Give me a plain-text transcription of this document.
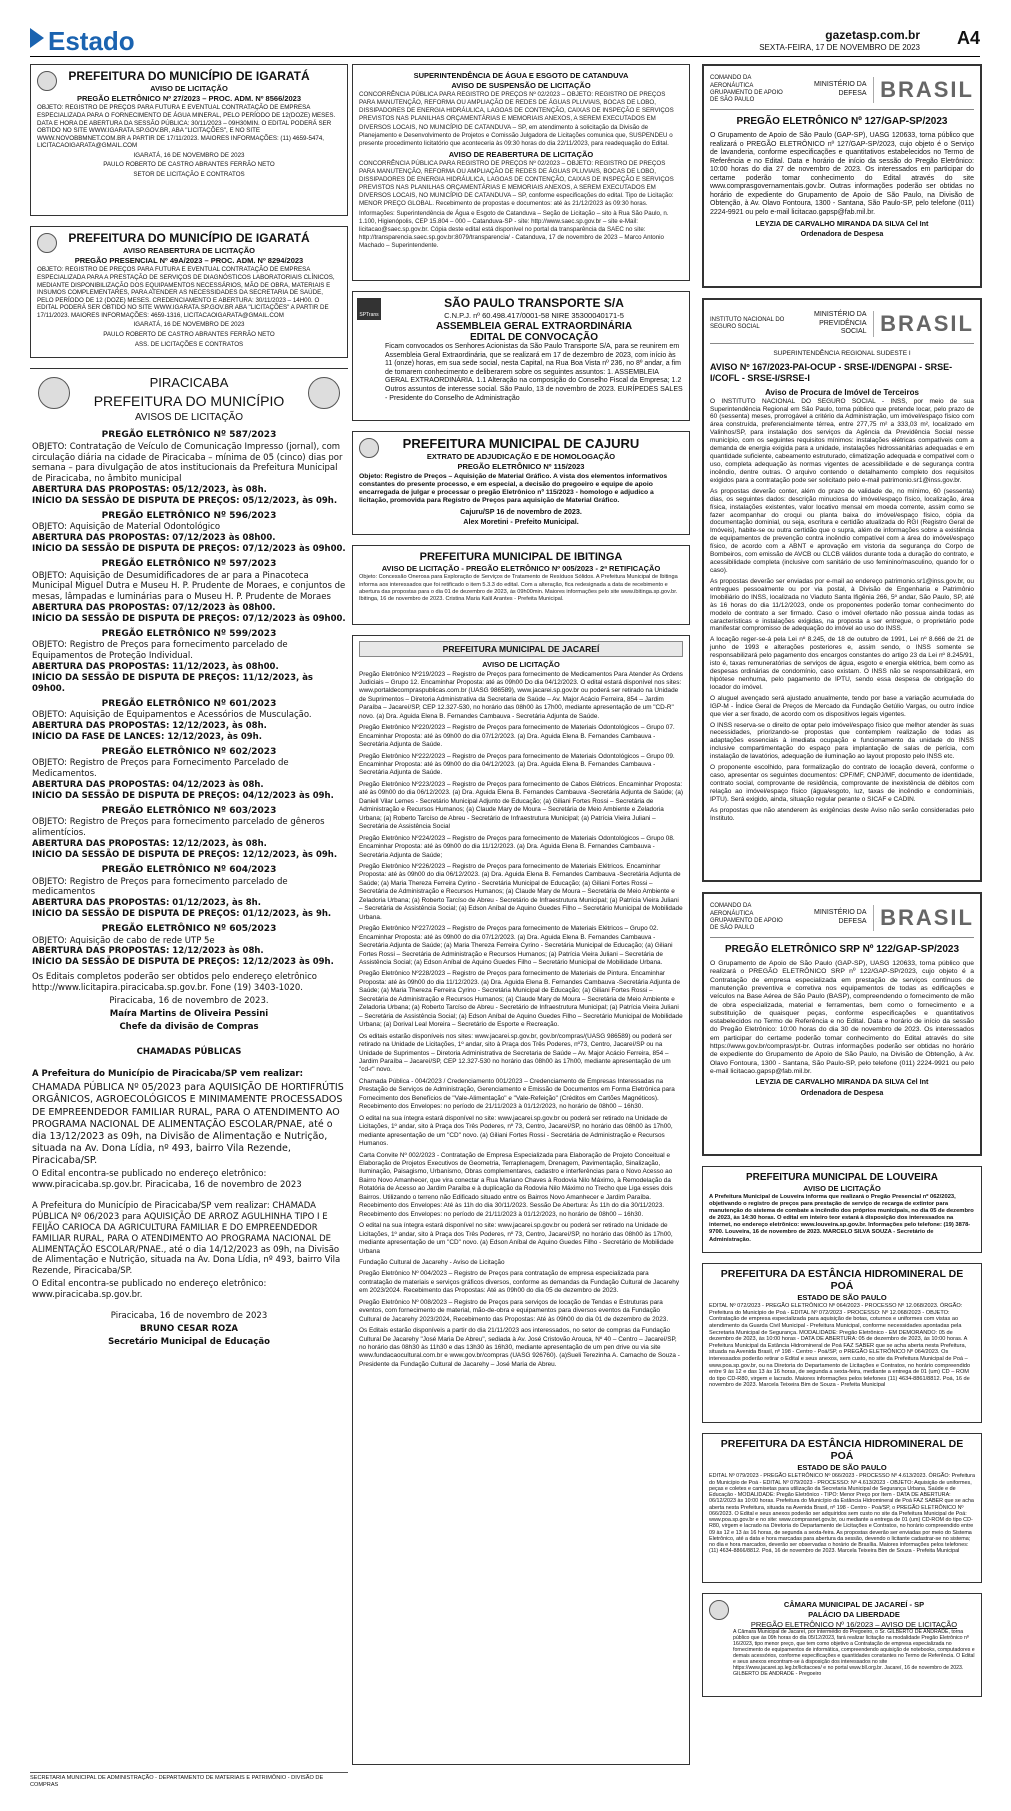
Estado	gazetasp.com.br
SEXTA-FEIRA, 17 DE NOVEMBRO DE 2023 A4
PREFEITURA DO MUNICÍPIO DE IGARATÁ
AVISO DE LICITAÇÃO
PREGÃO ELETRÔNICO Nº 27/2023 – PROC. ADM. Nº 8566/2023

OBJETO: REGISTRO DE PREÇOS PARA FUTURA E EVENTUAL CONTRATAÇÃO DE EMPRESA ESPECIALIZADA PARA O FORNECIMENTO DE ÁGUA MINERAL, PELO PERÍODO DE 12(DOZE) MESES. DATA E HORA DE ABERTURA DA SESSÃO PÚBLICA: 30/11/2023 – 09H30MIN. O EDITAL PODERÁ SER OBTIDO NO SITE WWW.IGARATA.SP.GOV.BR, ABA "LICITAÇÕES", E NO SITE WWW.NOVOBBMNET.COM.BR A PARTIR DE 17/11/2023. MAIORES INFORMAÇÕES: (11) 4659-5474, LICITACAOIGARATA@GMAIL.COM

IGARATÁ, 16 DE NOVEMBRO DE 2023

PAULO ROBERTO DE CASTRO ABRANTES FERRÃO NETO

SETOR DE LICITAÇÃO E CONTRATOS

PREFEITURA DO MUNICÍPIO DE IGARATÁ
AVISO REABERTURA DE LICITAÇÃO
PREGÃO PRESENCIAL Nº 49A/2023 – PROC. ADM. Nº 8294/2023

OBJETO: REGISTRO DE PREÇOS PARA FUTURA E EVENTUAL CONTRATAÇÃO DE EMPRESA ESPECIALIZADA PARA A PRESTAÇÃO DE SERVIÇOS DE DIAGNÓSTICOS LABORATORIAIS CLÍNICOS, MEDIANTE DISPONIBILIZAÇÃO DOS EQUIPAMENTOS NECESSÁRIOS, MÃO DE OBRA, MATERIAIS E INSUMOS COMPLEMENTARES, PARA ATENDER AS NECESSIDADES DA SECRETARIA DE SAÚDE, PELO PERÍODO DE 12 (DOZE) MESES. CREDENCIAMENTO E ABERTURA: 30/11/2023 – 14H00. O EDITAL PODERÁ SER OBTIDO NO SITE WWW.IGARATA.SP.GOV.BR ABA "LICITAÇÕES" A PARTIR DE 17/11/2023. MAIORES INFORMAÇÕES: 4659-1316, LICITACAOIGARATA@GMAIL.COM

IGARATÁ, 16 DE NOVEMBRO DE 2023

PAULO ROBERTO DE CASTRO ABRANTES FERRÃO NETO

ASS. DE LICITAÇÕES E CONTRATOS

PIRACICABA

PREFEITURA DO MUNICÍPIO

AVISOS DE LICITAÇÃO

PREGÃO ELETRÔNICO Nº 587/2023
OBJETO: Contratação de Veículo de Comunicação Impresso (jornal), com circulação diária na cidade de Piracicaba – mínima de 05 (cinco) dias por semana – para divulgação de atos institucionais da Prefeitura Municipal de Piracicaba, no âmbito municipal
ABERTURA DAS PROPOSTAS: 05/12/2023, às 08h.
INÍCIO DA SESSÃO DE DISPUTA DE PREÇOS: 05/12/2023, às 09h.
PREGÃO ELETRÔNICO Nº 596/2023
OBJETO: Aquisição de Material Odontológico
ABERTURA DAS PROPOSTAS: 07/12/2023 às 08h00.
INÍCIO DA SESSÃO DE DISPUTA DE PREÇOS: 07/12/2023 às 09h00.
PREGÃO ELETRÔNICO Nº 597/2023
OBJETO: Aquisição de Desumidificadores de ar para a Pinacoteca Municipal Miguel Dutra e Museu H. P. Prudente de Moraes, e conjuntos de mesas, lâmpadas e luminárias para o Museu H. P. Prudente de Moraes
ABERTURA DAS PROPOSTAS: 07/12/2023 às 08h00.
INÍCIO DA SESSÃO DE DISPUTA DE PREÇOS: 07/12/2023 às 09h00.
PREGÃO ELETRÔNICO Nº 599/2023
OBJETO: Registro de Preços para fornecimento parcelado de Equipamentos de Proteção Individual.
ABERTURA DAS PROPOSTAS: 11/12/2023, às 08h00.
INÍCIO DA SESSÃO DE DISPUTA DE PREÇOS: 11/12/2023, às 09h00.
PREGÃO ELETRÔNICO Nº 601/2023
OBJETO: Aquisição de Equipamentos e Acessórios de Musculação.
ABERTURA DAS PROPOSTAS: 12/12/2023, às 08h.
INÍCIO DA FASE DE LANCES: 12/12/2023, às 09h.
PREGÃO ELETRÔNICO Nº 602/2023
OBJETO: Registro de Preços para Fornecimento Parcelado de Medicamentos.
ABERTURA DAS PROPOSTAS: 04/12/2023 às 08h.
INÍCIO DA SESSÃO DE DISPUTA DE PREÇOS: 04/12/2023 às 09h.
PREGÃO ELETRÔNICO Nº 603/2023
OBJETO: Registro de Preços para fornecimento parcelado de gêneros alimentícios.
ABERTURA DAS PROPOSTAS: 12/12/2023, às 08h.
INÍCIO DA SESSÃO DE DISPUTA DE PREÇOS: 12/12/2023, às 09h.
PREGÃO ELETRÔNICO Nº 604/2023
OBJETO: Registro de Preços para fornecimento parcelado de medicamentos
ABERTURA DAS PROPOSTAS: 01/12/2023, às 8h.
INÍCIO DA SESSÃO DE DISPUTA DE PREÇOS: 01/12/2023, às 9h.
PREGÃO ELETRÔNICO Nº 605/2023
OBJETO: Aquisição de cabo de rede UTP 5e
ABERTURA DAS PROPOSTAS: 12/12/2023 às 08h.
INÍCIO DA SESSÃO DE DISPUTA DE PREÇOS: 12/12/2023 às 09h.

Os Editais completos poderão ser obtidos pelo endereço eletrônico http://www.licitapira.piracicaba.sp.gov.br. Fone (19) 3403-1020.

Piracicaba, 16 de novembro de 2023.

Maíra Martins de Oliveira Pessini

Chefe da divisão de Compras

CHAMADAS PÚBLICAS

A Prefeitura do Município de Piracicaba/SP vem realizar:

CHAMADA PÚBLICA Nº 05/2023 para AQUISIÇÃO DE HORTIFRÚTIS ORGÂNICOS, AGROECOLÓGICOS E MINIMAMENTE PROCESSADOS DE EMPREENDEDOR FAMILIAR RURAL, PARA O ATENDIMENTO AO PROGRAMA NACIONAL DE ALIMENTAÇÃO ESCOLAR/PNAE, até o dia 13/12/2023 as 09h, na Divisão de Alimentação e Nutrição, situada na Av. Dona Lídia, nº 493, bairro Vila Rezende, Piracicaba/SP.

O Edital encontra-se publicado no endereço eletrônico: www.piracicaba.sp.gov.br. Piracicaba, 16 de novembro de 2023

A Prefeitura do Município de Piracicaba/SP vem realizar: CHAMADA PÚBLICA Nº 06/2023 para AQUISIÇÃO DE ARROZ AGULHINHA TIPO I E FEIJÃO CARIOCA DA AGRICULTURA FAMILIAR E DO EMPREENDEDOR FAMILIAR RURAL, PARA O ATENDIMENTO AO PROGRAMA NACIONAL DE ALIMENTAÇÃO ESCOLAR/PNAE., até o dia 14/12/2023 as 09h, na Divisão de Alimentação e Nutrição, situada na Av. Dona Lídia, nº 493, bairro Vila Rezende, Piracicaba/SP.

O Edital encontra-se publicado no endereço eletrônico: www.piracicaba.sp.gov.br.

Piracicaba, 16 de novembro de 2023

BRUNO CESAR ROZA

Secretário Municipal de Educação

SECRETARIA MUNICIPAL DE ADMINISTRAÇÃO - DEPARTAMENTO DE MATERIAIS E PATRIMÔNIO - DIVISÃO DE COMPRAS
SUPERINTENDÊNCIA DE ÁGUA E ESGOTO DE CATANDUVA
AVISO DE SUSPENSÃO DE LICITAÇÃO

CONCORRÊNCIA PÚBLICA PARA REGISTRO DE PREÇOS Nº 02/2023 – OBJETO: REGISTRO DE PREÇOS PARA MANUTENÇÃO, REFORMA OU AMPLIAÇÃO DE REDES DE ÁGUAS PLUVIAIS, BOCAS DE LOBO, DISSIPADORES DE ENERGIA HIDRÁULICA, LAGOAS DE CONTENÇÃO, CAIXAS DE INSPEÇÃO E SERVIÇOS PREVISTOS NAS PLANILHAS ORÇAMENTÁRIAS E MEMORIAIS ANEXOS, A SEREM EXECUTADOS EM DIVERSOS LOCAIS, NO MUNICÍPIO DE CATANDUVA – SP, em atendimento à solicitação da Divisão de Planejamento e Desenvolvimento de Projetos e Comissão Julgadora de Licitações comunica que, SUSPENDEU o presente procedimento licitatório que aconteceria às 09:30 horas do dia 22/11/2023, para readequação do Edital.

AVISO DE REABERTURA DE LICITAÇÃO

CONCORRÊNCIA PÚBLICA PARA REGISTRO DE PREÇOS Nº 02/2023 – OBJETO: REGISTRO DE PREÇOS PARA MANUTENÇÃO, REFORMA OU AMPLIAÇÃO DE REDES DE ÁGUAS PLUVIAIS, BOCAS DE LOBO, DISSIPADORES DE ENERGIA HIDRÁULICA, LAGOAS DE CONTENÇÃO, CAIXAS DE INSPEÇÃO E SERVIÇOS PREVISTOS NAS PLANILHAS ORÇAMENTÁRIAS E MEMORIAIS ANEXOS, A SEREM EXECUTADOS EM DIVERSOS LOCAIS, NO MUNICÍPIO DE CATANDUVA – SP, conforme especificações do edital. Tipo de Licitação: MENOR PREÇO GLOBAL. Recebimento de propostas e documentos: até às 21/12/2023 às 09:30 horas.

Informações: Superintendência de Água e Esgoto de Catanduva – Seção de Licitação – sito à Rua São Paulo, n. 1.100, Higienópolis, CEP 15.804 – 000 – Catanduva-SP - site: http://www.saec.sp.gov.br – site e-Mail: licitacao@saec.sp.gov.br. Cópia deste edital está disponível no portal da transparência da SAEC no site: http://transparencia.saec.sp.gov.br:8079/transparencia/ - Catanduva, 17 de novembro de 2023 – Marco Antonio Machado – Superintendente.

SPTrans
SÃO PAULO TRANSPORTE S/A
C.N.P.J. nº 60.498.417/0001-58 NIRE 35300040171-5
ASSEMBLEIA GERAL EXTRAORDINÁRIA
EDITAL DE CONVOCAÇÃO

Ficam convocados os Senhores Acionistas da São Paulo Transporte S/A, para se reunirem em Assembleia Geral Extraordinária, que se realizará em 17 de dezembro de 2023, com início às 11 (onze) horas, em sua sede social, nesta Capital, na Rua Boa Vista nº 236, no 8º andar, a fim de tomarem conhecimento e deliberarem sobre os seguintes assuntos: 1. ASSEMBLEIA GERAL EXTRAORDINÁRIA. 1.1 Alteração na composição do Conselho Fiscal da Empresa; 1.2 Outros assuntos de interesse social. São Paulo, 13 de novembro de 2023. EURÍPEDES SALES - Presidente do Conselho de Administração

PREFEITURA MUNICIPAL DE CAJURU
EXTRATO DE ADJUDICAÇÃO E DE HOMOLOGAÇÃO
PREGÃO ELETRÔNICO Nº 115/2023

Objeto: Registro de Preços – Aquisição de Material Gráfico. A vista dos elementos informativos constantes do presente processo, e em especial, a decisão do pregoeiro e equipe de apoio encarregada de julgar e processar o pregão Eletrônico nº 115/2023 - homologo e adjudico a licitação, promovida para Registro de Preços para aquisição de Material Gráfico.

Cajuru/SP 16 de novembro de 2023.

Alex Moretini - Prefeito Municipal.

PREFEITURA MUNICIPAL DE IBITINGA
AVISO DE LICITAÇÃO - PREGÃO ELETRÔNICO Nº 005/2023 - 2ª RETIFICAÇÃO

Objeto: Concessão Onerosa para Exploração de Serviços de Tratamento de Resíduos Sólidos. A Prefeitura Municipal de Ibitinga informa aos interessados que foi retificado o item 5.3.3 do edital. Com a alteração, fica redesignada a data de recebimento e abertura das propostas para o dia 01 de dezembro de 2023, às 09h00min. Maiores informações pelo site www.ibitinga.sp.gov.br. Ibitinga, 16 de novembro de 2023. Cristina Maria Kalil Arantes - Prefeita Municipal.

PREFEITURA MUNICIPAL DE JACAREÍ
AVISO DE LICITAÇÃO

Pregão Eletrônico Nº219/2023 – Registro de Preços para fornecimento de Medicamentos Para Atender As Ordens Judiciais – Grupo 12. Encaminhar Proposta: até as 09h00 Do dia 04/12/2023. O edital estará disponível nos sites: www.portaldecompraspublicas.com.br (UASG 986589), www.jacarei.sp.gov.br ou poderá ser retirado na Unidade de Suprimentos – Diretoria Administrativa da Secretaria de Saúde – Av. Major Acácio Ferreira, 854 – Jardim Paraíba – Jacareí/SP, CEP 12.327-530, no horário das 08h00 às 17h00, mediante apresentação de um "CD-R" novo. (a) Dra. Aguida Elena B. Fernandes Cambauva - Secretária Adjunta de Saúde.

Pregão Eletrônico Nº220/2023 – Registro de Preços para fornecimento de Materiais Odontológicos – Grupo 07. Encaminhar Proposta: até às 09h00 do dia 07/12/2023. (a) Dra. Aguida Elena B. Fernandes Cambauva -Secretária Adjunta de Saúde.

Pregão Eletrônico Nº222/2023 – Registro de Preços para fornecimento de Materiais Odontológicos – Grupo 09. Encaminhar Proposta: até às 09h00 do dia 04/12/2023. (a) Dra. Aguida Elena B. Fernandes Cambauva -Secretária Adjunta de Saúde.

Pregão Eletrônico Nº223/2023 – Registro de Preços para fornecimento de Cabos Elétricos. Encaminhar Proposta: até às 09h00 do dia 06/12/2023. (a) Dra. Aguida Elena B. Fernandes Cambauva -Secretária Adjunta de Saúde; (a) Daniell Vilar Lemes - Secretário Municipal Adjunto de Educação; (a) Giliani Fortes Rossi – Secretária de Administração e Recursos Humanos; (a) Claude Mary de Moura – Secretária de Meio Ambiente e Zeladoria Urbana; (a) Roberto Tarcíso de Abreu - Secretário de Infraestrutura Municipal; (a) Patrícia Vieira Juliani – Secretária de Assistência Social

Pregão Eletrônico Nº224/2023 – Registro de Preços para fornecimento de Materiais Odontológicos – Grupo 08. Encaminhar Proposta: até às 09h00 do dia 11/12/2023. (a) Dra. Aguida Elena B. Fernandes Cambauva -Secretária Adjunta de Saúde;

Pregão Eletrônico Nº226/2023 – Registro de Preços para fornecimento de Materiais Elétricos. Encaminhar Proposta: até às 09h00 do dia 06/12/2023. (a) Dra. Aguida Elena B. Fernandes Cambauva -Secretária Adjunta de Saúde; (a) Maria Thereza Ferreira Cyrino - Secretária Municipal de Educação; (a) Giliani Fortes Rossi – Secretária de Administração e Recursos Humanos; (a) Claude Mary de Moura – Secretária de Meio Ambiente e Zeladoria Urbana; (a) Roberto Tarcíso de Abreu - Secretário de Infraestrutura Municipal; (a) Patrícia Vieira Juliani – Secretária de Assistência Social; (a) Edson Aníbal de Aquino Guedes Filho – Secretário Municipal de Mobilidade Urbana.

Pregão Eletrônico Nº227/2023 – Registro de Preços para fornecimento de Materiais Elétricos – Grupo 02. Encaminhar Proposta: até às 09h00 do dia 07/12/2023. (a) Dra. Aguida Elena B. Fernandes Cambauva -Secretária Adjunta de Saúde; (a) Maria Thereza Ferreira Cyrino - Secretária Municipal de Educação; (a) Giliani Fortes Rossi – Secretária de Administração e Recursos Humanos; (a) Patrícia Vieira Juliani – Secretária de Assistência Social; (a) Edson Aníbal de Aquino Guedes Filho – Secretário Municipal de Mobilidade Urbana.

Pregão Eletrônico Nº228/2023 – Registro de Preços para fornecimento de Materiais de Pintura. Encaminhar Proposta: até às 09h00 do dia 11/12/2023. (a) Dra. Aguida Elena B. Fernandes Cambauva -Secretária Adjunta de Saúde; (a) Maria Thereza Ferreira Cyrino - Secretária Municipal de Educação; (a) Giliani Fortes Rossi – Secretária de Administração e Recursos Humanos; (a) Claude Mary de Moura – Secretária de Meio Ambiente e Zeladoria Urbana; (a) Roberto Tarcíso de Abreu - Secretário de Infraestrutura Municipal; (a) Patrícia Vieira Juliani – Secretária de Assistência Social; (a) Edson Aníbal de Aquino Guedes Filho – Secretário Municipal de Mobilidade Urbana; (a) Dorival Leal Moreira – Secretário de Esporte e Recreação.

Os editais estarão disponíveis nos sites: www.jacarei.sp.gov.br, gov.br/compras/(UASG 986589) ou poderá ser retirado na Unidade de Licitações, 1º andar, sito à Praça dos Três Poderes, nº73, Centro, Jacareí/SP ou na Unidade de Suprimentos – Diretoria Administrativa de Secretaria de Saúde – Av. Major Acácio Ferreira, 854 – Jardim Paraíba – Jacareí/SP, CEP 12.327-530 no horário das 08h00 às 17h00, mediante apresentação de um "cd-r" novo.

Chamada Pública - 004/2023 / Credenciamento 001/2023 – Credenciamento de Empresas Interessadas na Prestação de Serviços de Administração, Gerenciamento e Emissão de Documentos em Forma Eletrônica para Fornecimento dos Benefícios de "Vale-Alimentação" e "Vale-Refeição" (Créditos em Cartões Magnéticos). Recebimento dos Envelopes: no período de 21/11/2023 à 01/12/2023, no horário de 08h00 – 16h30.

O edital na sua íntegra estará disponível no site: www.jacarei.sp.gov.br ou poderá ser retirado na Unidade de Licitações, 1º andar, sito à Praça dos Três Poderes, nº 73, Centro, Jacareí/SP, no horário das 08h00 às 17h00, mediante apresentação de um "CD" novo. (a) Giliani Fortes Rossi - Secretária de Administração e Recursos Humanos.

Carta Convite Nº 002/2023 - Contratação de Empresa Especializada para Elaboração de Projeto Conceitual e Elaboração de Projetos Executivos de Geometria, Terraplenagem, Drenagem, Pavimentação, Sinalização, Iluminação, Paisagismo, Urbanismo, Obras complementares, cadastro e interferências para o Novo Acesso ao Bairro Novo Amanhecer, que vira conectar a Rua Mariano Chaves à Rodovia Nilo Máximo, à Remodelação da Rotatória de Acesso ao Jardim Paraíba e à duplicação da Rodovia Nilo Máximo no Trecho que Liga esses dois Bairros. Utilizando o terreno não Edificado situado entre os Bairros Novo Amanhecer e Jardim Paraíba. Recebimento dos Envelopes: Até às 11h do dia 30/11/2023. Sessão De Abertura: Às 11h do dia 30/11/2023. Recebimento dos Envelopes: no período de 21/11/2023 à 01/12/2023, no horário de 08h00 – 16h30.

O edital na sua íntegra estará disponível no site: www.jacarei.sp.gov.br ou poderá ser retirado na Unidade de Licitações, 1º andar, sito à Praça dos Três Poderes, nº 73, Centro, Jacareí/SP, no horário das 08h00 às 17h00, mediante apresentação de um "CD" novo. (a) Edson Aníbal de Aquino Guedes Filho - Secretário de Mobilidade Urbana

Fundação Cultural de Jacarehy - Aviso de Licitação

Pregão Eletrônico Nº 004/2023 – Registro de Preços para contratação de empresa especializada para contratação de materiais e serviços gráficos diversos, conforme as demandas da Fundação Cultural de Jacarehy em 2023/2024. Recebimento das Propostas: Até as 09h00 do dia 05 de dezembro de 2023.

Pregão Eletrônico Nº 008/2023 – Registro de Preços para serviços de locação de Tendas e Estruturas para eventos, com fornecimento de material, mão-de-obra e equipamentos para diversos eventos da Fundação Cultural de Jacarehy 2023/2024, Recebimento das Propostas: Até às 09h00 do dia 01 de dezembro de 2023.

Os Editais estarão disponíveis a partir do dia 21/11/2023 aos interessados, no setor de compras da Fundação Cultural De Jacarehy "José Maria De Abreu", sediada à Av. José Cristovão Arouca, Nº 40 – Centro – Jacareí/SP, no horário das 08h30 às 11h30 e das 13h30 às 16h30, mediante apresentação de um pen drive ou via site www.fundacaocultural.com.br e www.gov.br/compras (UASG 926760). (a)Sueli Terezinha A. Camacho de Souza - Presidente da Fundação Cultural de Jacarehy – José Maria de Abreu.

COMANDO DA AERONÁUTICA GRUPAMENTO DE APOIO DE SÃO PAULO
MINISTÉRIO DA DEFESA BRASIL
PREGÃO ELETRÔNICO Nº 127/GAP-SP/2023

O Grupamento de Apoio de São Paulo (GAP-SP), UASG 120633, torna público que realizará o PREGÃO ELETRÔNICO nº 127/GAP-SP/2023, cujo objeto é o Serviço de lavanderia, conforme especificações e quantitativos estabelecidos no Termo de Referência e no Edital. Data e horário de início da sessão do Pregão Eletrônico: 10:00 horas do dia 27 de novembro de 2023. Os interessados em participar do certame poderão tomar conhecimento do Edital através do site www.comprasgovernamentais.gov.br. Outras informações poderão ser obtidas no horário de expediente do Grupamento de Apoio de São Paulo, na Divisão de Obtenção, à Av. Olavo Fontoura, 1300 - Santana, São Paulo-SP, pelo telefone (011) 2224-9921 ou pelo e-mail licitacao.gapsp@fab.mil.br.

LEYZIA DE CARVALHO MIRANDA DA SILVA Cel Int

Ordenadora de Despesa

INSTITUTO NACIONAL DO SEGURO SOCIAL
MINISTÉRIO DA PREVIDÊNCIA SOCIAL BRASIL
SUPERINTENDÊNCIA REGIONAL SUDESTE I
AVISO Nº 167/2023-PAI-OCUP - SRSE-I/DENGPAI - SRSE-I/COFL - SRSE-I/SRSE-I
Aviso de Procura de Imóvel de Terceiros

O INSTITUTO NACIONAL DO SEGURO SOCIAL - INSS, por meio de sua Superintendência Regional em São Paulo, torna público que pretende locar, pelo prazo de 60 (sessenta) meses, prorrogável a critério da Administração, um imóvel/espaço físico com área construída, preferencialmente térrea, entre 277,75 m² a 333,03 m², localizado em Valinhos/SP, para instalação dos serviços da Agência da Previdência Social nesse município, com os seguintes requisitos mínimos: instalações elétricas compatíveis com a demanda de energia exigida para a unidade, instalações hidrossanitárias adequadas e em quantidade suficiente, cabeamento estruturado, climatização adequada e compatível com o uso, completa adequação às normas vigentes de acessibilidade e de segurança contra incêndio, dentre outras. O arquivo contendo o detalhamento completo dos requisitos exigidos para a contratação pode ser solicitado pelo e-mail patrimonio.sr1@inss.gov.br.

As propostas deverão conter, além do prazo de validade de, no mínimo, 60 (sessenta) dias, os seguintes dados: descrição minuciosa do imóvel/espaço físico, localização, área física, instalações existentes, valor locativo mensal em moeda corrente, assim como se fazer acompanhar do croqui ou planta baixa do imóvel/espaço físico, cópia da documentação dominial, ou seja, escritura e certidão atualizada do RGI (Registro Geral de Imóveis), habite-se ou outra certidão que o supra, além de informações sobre a existência de equipamentos de prevenção contra incêndio compatível com a área do imóvel/espaço físico, de acordo com a ABNT e aprovação em vistoria da segurança do Corpo de Bombeiros, com emissão de AVCB ou CLCB válidos durante toda a duração do contrato, e acessibilidade completa (inclusive com sanitário de uso feminino/masculino, quando for o caso).

As propostas deverão ser enviadas por e-mail ao endereço patrimonio.sr1@inss.gov.br, ou entregues pessoalmente ou por via postal, à Divisão de Engenharia e Patrimônio Imobiliário do INSS, localizada no Viaduto Santa Ifigênia 266, 5º andar, São Paulo, SP, até às 16 horas do dia 11/12/2023, onde os proponentes poderão tomar conhecimento do modelo de contrato a ser firmado. Caso o imóvel ofertado não possua ainda todas as características e instalações exigidas, na proposta a ser entregue, o proprietário pode manifestar compromisso de adequação do imóvel ao uso do INSS.

A locação reger-se-á pela Lei nº 8.245, de 18 de outubro de 1991, Lei nº 8.666 de 21 de junho de 1993 e alterações posteriores e, assim sendo, o INSS somente se responsabilizará pelo pagamento dos encargos constantes do artigo 23 da Lei nº 8.245/91, isto é, taxas remuneratórias de serviços de água, esgoto e energia elétrica, bem como as despesas ordinárias de condomínio, caso existam. O INSS não se responsabilizará, em hipótese nenhuma, pelo pagamento de IPTU, sendo essa despesa de obrigação do locador do imóvel.

O aluguel avençado será ajustado anualmente, tendo por base a variação acumulada do IGP-M - Índice Geral de Preços de Mercado da Fundação Getúlio Vargas, ou outro índice que vier a ser fixado, de acordo com os dispositivos legais vigentes.

O INSS reserva-se o direito de optar pelo imóvel/espaço físico que melhor atender às suas necessidades, priorizando-se propostas que contemplem realização de todas as adaptações essenciais à imediata ocupação e funcionamento da unidade do INSS inclusive compartimentação do espaço para implantação de salas de perícia, com instalação de lavatórios, adequação de iluminação ao layout proposto pelo INSS etc.

O proponente escolhido, para formalização do contrato de locação deverá, conforme o caso, apresentar os seguintes documentos: CPF/MF, CNPJ/MF, documento de identidade, contrato social, comprovante de residência, comprovante de inexistência de débitos com relação ao imóvel/espaço físico (água/esgoto, luz, taxas de incêndio e condominiais, IPTU). Será exigido, ainda, situação regular perante o SICAF e CADIN.

As propostas que não atenderem às exigências deste Aviso não serão consideradas pelo Instituto.

COMANDO DA AERONÁUTICA GRUPAMENTO DE APOIO DE SÃO PAULO
MINISTÉRIO DA DEFESA BRASIL
PREGÃO ELETRÔNICO SRP Nº 122/GAP-SP/2023

O Grupamento de Apoio de São Paulo (GAP-SP), UASG 120633, torna público que realizará o PREGÃO ELETRÔNICO SRP nº 122/GAP-SP/2023, cujo objeto é a Contratação de empresa especializada em prestação de serviços contínuos de manutenção preventiva e corretiva nos equipamentos de todas as edificações e veículos na Base Aérea de São Paulo (BASP), compreendendo o fornecimento de mão de obra especializada, material e ferramentas, bem como o fornecimento e a substituição de quaisquer peças, conforme especificações e quantitativos estabelecidos no Termo de Referência e no Edital. Data e horário de início da sessão do Pregão Eletrônico: 10:00 horas do dia 30 de novembro de 2023. Os interessados em participar do certame poderão tomar conhecimento do Edital através do site https://www.gov.br/compras/pt-br. Outras informações poderão ser obtidas no horário de expediente do Grupamento de Apoio de São Paulo, na Divisão de Obtenção, à Av. Olavo Fontoura, 1300 - Santana, São Paulo-SP, pelo telefone (011) 2224-9921 ou pelo e-mail licitacao.gapsp@fab.mil.br.

LEYZIA DE CARVALHO MIRANDA DA SILVA Cel Int

Ordenadora de Despesa

PREFEITURA MUNICIPAL DE LOUVEIRA
AVISO DE LICITAÇÃO

A Prefeitura Municipal de Louveira informa que realizará o Pregão Presencial nº 062/2023, objetivando o registro de preços para prestação de serviço de recarga de extintor para manutenção do sistema de combate a incêndio dos próprios municipais, no dia 05 de dezembro de 2023, às 14:30 horas. O edital em inteiro teor estará à disposição dos interessados na internet, no endereço eletrônico: www.louveira.sp.gov.br. Informações pelo telefone: (19) 3878-9700. Louveira, 16 de novembro de 2023. MARCELO SILVA SOUZA - Secretário de Administração.

PREFEITURA DA ESTÂNCIA HIDROMINERAL DE POÁ
ESTADO DE SÃO PAULO

EDITAL Nº 072/2023 - PREGÃO ELETRÔNICO Nº 064/2023 - PROCESSO Nº 12.068/2023. ÓRGÃO: Prefeitura do Município de Poá - EDITAL Nº 072/2023 - PROCESSO: Nº 12.068/2023 - OBJETO: Contratação de empresa especializada para aquisição de botas, coturnos e uniformes com vistas ao atendimento da Guarda Civil Municipal - Prefeitura Municipal, conforme necessidades apontadas pela Secretaria Municipal de Segurança. MODALIDADE: Pregão Eletrônico - EM DEMORANDO: 05 de dezembro de 2023, às 10:00 horas - DATA DE ABERTURA: 05 de dezembro de 2023, às 10:00 horas. A Prefeitura Municipal da Estância Hidromineral de Poá FAZ SABER que se acha aberta nesta Prefeitura, situada na Avenida Brasil, nº 198 - Centro - Poá/SP, o PREGÃO ELETRÔNICO Nº 064/2023. Os interessados poderão retirar o Edital e seus anexos, sem custo, no site da Prefeitura Municipal de Poá – www.poa.sp.gov.br, ou na Diretoria do Departamento de Licitações e Contratos, no horário compreendido entre 9 às 12 e das 13 às 16 horas, de segunda a sexta-feira, mediante a entrega de 01 (um) CD – ROM do tipo CD-R80, virgem e lacrado. Maiores informações pelos telefones (11) 4634-8861/8812. Poá, 16 de novembro de 2023. Marcela Teixeira Bim de Souza - Prefeita Municipal

PREFEITURA DA ESTÂNCIA HIDROMINERAL DE POÁ
ESTADO DE SÃO PAULO

EDITAL Nº 079/2023 - PREGÃO ELETRÔNICO Nº 066/2023 - PROCESSO Nº 4.613/2023. ÓRGÃO: Prefeitura do Município de Poá - EDITAL Nº 079/2023 - PROCESSO: Nº 4.613/2023 - OBJETO: Aquisição de uniformes, peças e coletes e camisetas para utilização da Secretaria Municipal de Segurança Urbana, Saúde e de Educação - MODALIDADE: Pregão Eletrônico - TIPO: Menor Preço por Item - DATA DE ABERTURA: 06/12/2023 às 10:00 horas. Prefeitura do Município da Estância Hidromineral de Poá FAZ SABER que se acha aberta nesta Prefeitura, situada na Avenida Brasil, nº 198 - Centro - Poá/SP, o PREGÃO ELETRÔNICO Nº 066/2023. O Edital e seus anexos poderão ser adquiridos sem custo no site da Prefeitura Municipal de Poá: www.poa.sp.gov.br e no site: www.comprasnet.gov.br, ou mediante a entrega de 01 (um) CD-ROM do tipo CD-R80, virgem e lacrado na Diretoria do Departamento de Licitações e Contratos, no horário compreendido entre 09 às 12 e 13 às 16 horas, de segunda a sexta-feira. As propostas deverão ser enviadas por meio do Sistema Eletrônico, até a data e hora marcadas para abertura da sessão, devendo o licitante cadastrar-se no sistema; no dia e hora marcados, deverão ser observadas o horário de Brasília. Maiores informações pelos telefones: (11) 4634-8866/8812. Poá, 16 de novembro de 2023. Marcela Teixeira Bim de Souza - Prefeita Municipal

CÂMARA MUNICIPAL DE JACAREÍ - SP
PALÁCIO DA LIBERDADE
PREGÃO ELETRÔNICO Nº 16/2023 – AVISO DE LICITAÇÃO

A Câmara Municipal de Jacareí, por intermédio do Pregoeiro, o Sr. GILBERTO DE ANDRADE, torna público que às 09h horas do dia 05/12/2023, fará realizar licitação na modalidade Pregão Eletrônico nº 16/2023, tipo menor preço, que tem como objetivo a Contratação de empresa especializada no fornecimento de equipamentos de informática, compreendendo aquisição de notebooks, computadores e demais acessórios, conforme especificações e quantidades constantes no Termo de Referência. O Edital e seus anexos encontram-se à disposição dos interessados no site https://www.jacarei.sp.leg.br/licitacoes/ e no portal www.bll.org.br. Jacareí, 16 de novembro de 2023. GILBERTO DE ANDRADE - Pregoeiro
